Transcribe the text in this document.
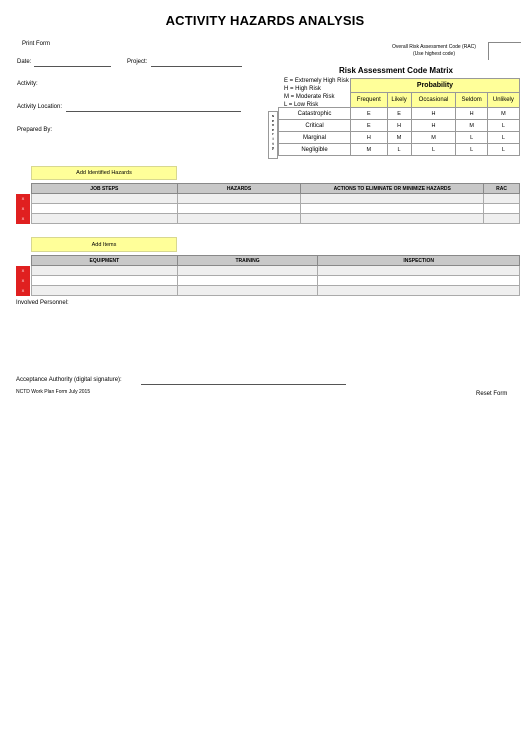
ACTIVITY HAZARDS ANALYSIS
Print Form	Overall Risk Assessment Code (RAC)
(Use highest code)
Date:	Project:
Activity:
Activity Location:
Prepared By:
Risk Assessment Code Matrix
E = Extremely High Risk
H = High Risk
M = Moderate Risk
L = Low Risk
s
e
v
e
r
i
t
y
	Probability				
	Frequent	Likely	Occasional	Seldom	Unlikely
Catastrophic	E	E	H	H	M
Critical	E	H	H	M	L
Marginal	H	M	M	L	L
Negligible	M	L	L	L	L
Add Identified Hazards
X
X
X
JOB STEPS	HAZARDS	ACTIONS TO ELIMINATE OR MINIMIZE HAZARDS	RAC

Add Items
X
X
X
EQUIPMENT	TRAINING	INSPECTION

Involved Personnel:
Acceptance Authority (digital signature):
NCTD Work Plan Form July 2015	Reset Form
